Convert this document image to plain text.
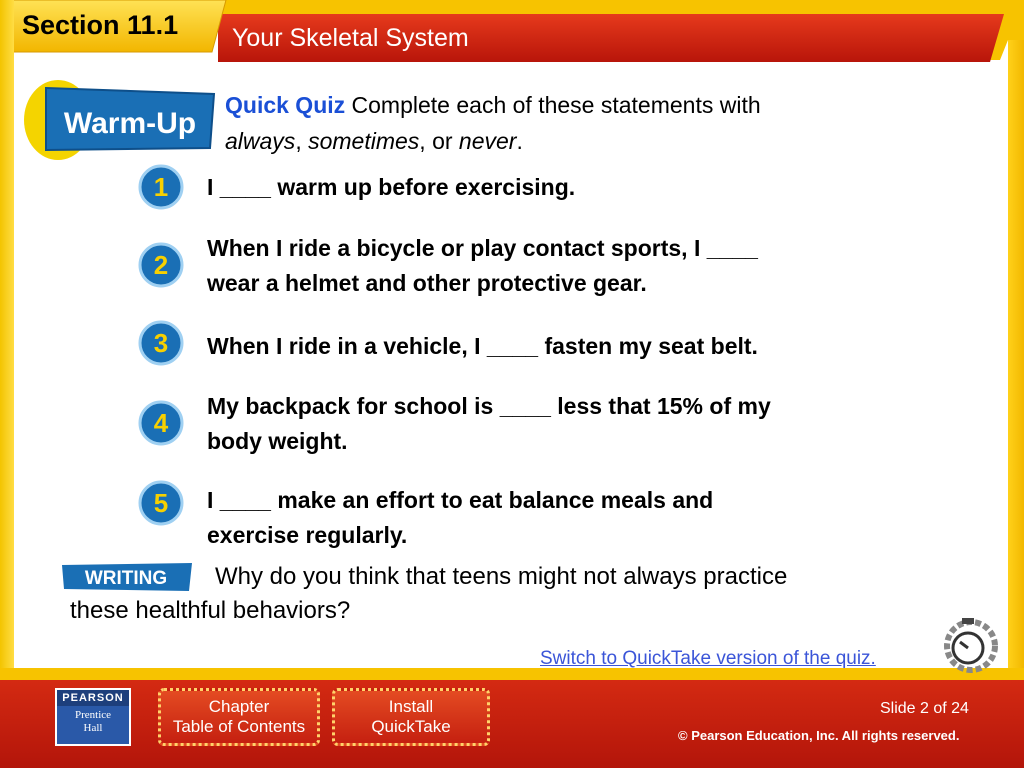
Section 11.1 Your Skeletal System
Warm-Up
Quick Quiz Complete each of these statements with
always, sometimes, or never.
1 I ____ warm up before exercising.
2
When I ride a bicycle or play contact sports, I ____
wear a helmet and other protective gear.
3 When I ride in a vehicle, I ____ fasten my seat belt.
4
My backpack for school is ____ less that 15% of my
body weight.
5 I ____ make an effort to eat balance meals and
exercise regularly.
WRITING Why do you think that teens might not always practice
these healthful behaviors?
Switch to QuickTake version of the quiz.
PEARSON
Prentice
Hall
Chapter
Table of Contents
Install
QuickTake
Slide 2 of 24
© Pearson Education, Inc. All rights reserved.
